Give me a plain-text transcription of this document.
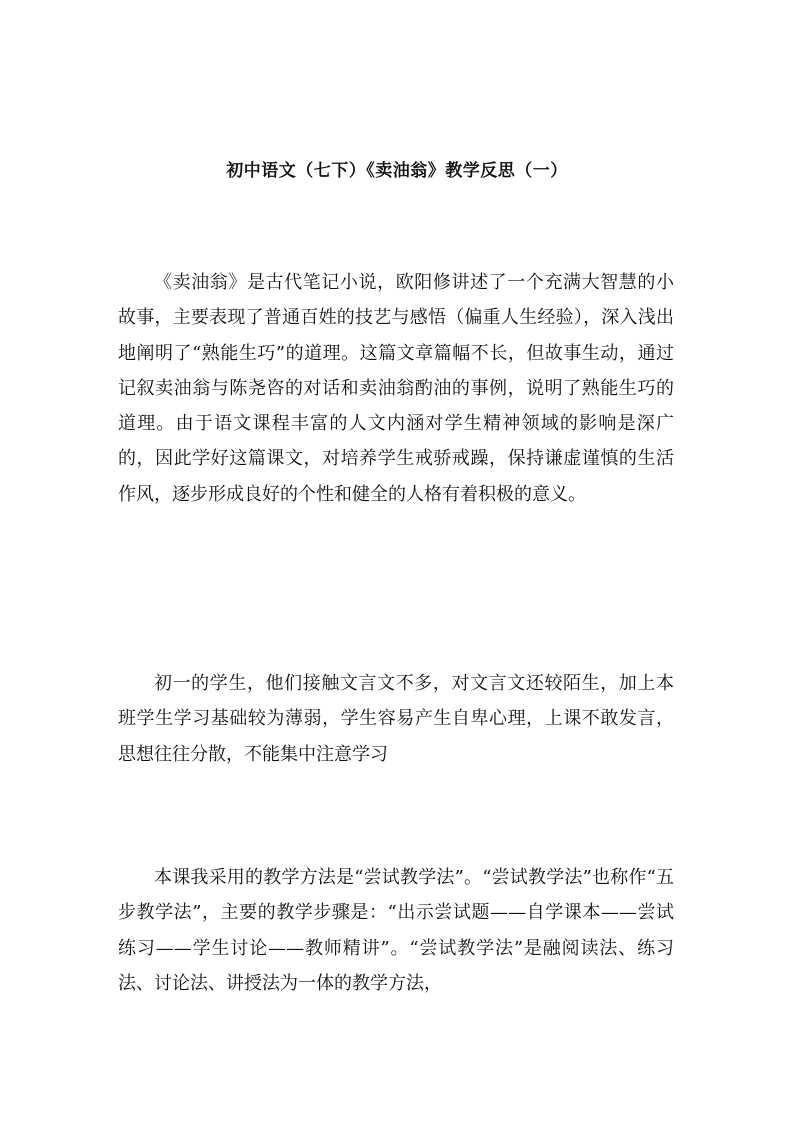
初中语文（七下）《卖油翁》教学反思（一）

《卖油翁》是古代笔记小说，欧阳修讲述了一个充满大智慧的小故事，主要表现了普通百姓的技艺与感悟（偏重人生经验），深入浅出地阐明了“熟能生巧”的道理。这篇文章篇幅不长，但故事生动，通过记叙卖油翁与陈尧咨的对话和卖油翁酌油的事例，说明了熟能生巧的道理。由于语文课程丰富的人文内涵对学生精神领域的影响是深广的，因此学好这篇课文，对培养学生戒骄戒躁，保持谦虚谨慎的生活作风，逐步形成良好的个性和健全的人格有着积极的意义。

初一的学生，他们接触文言文不多，对文言文还较陌生，加上本班学生学习基础较为薄弱，学生容易产生自卑心理，上课不敢发言，思想往往分散，不能集中注意学习

本课我采用的教学方法是“尝试教学法”。“尝试教学法”也称作“五步教学法”，主要的教学步骤是：“出示尝试题——自学课本——尝试练习——学生讨论——教师精讲”。“尝试教学法”是融阅读法、练习法、讨论法、讲授法为一体的教学方法，
